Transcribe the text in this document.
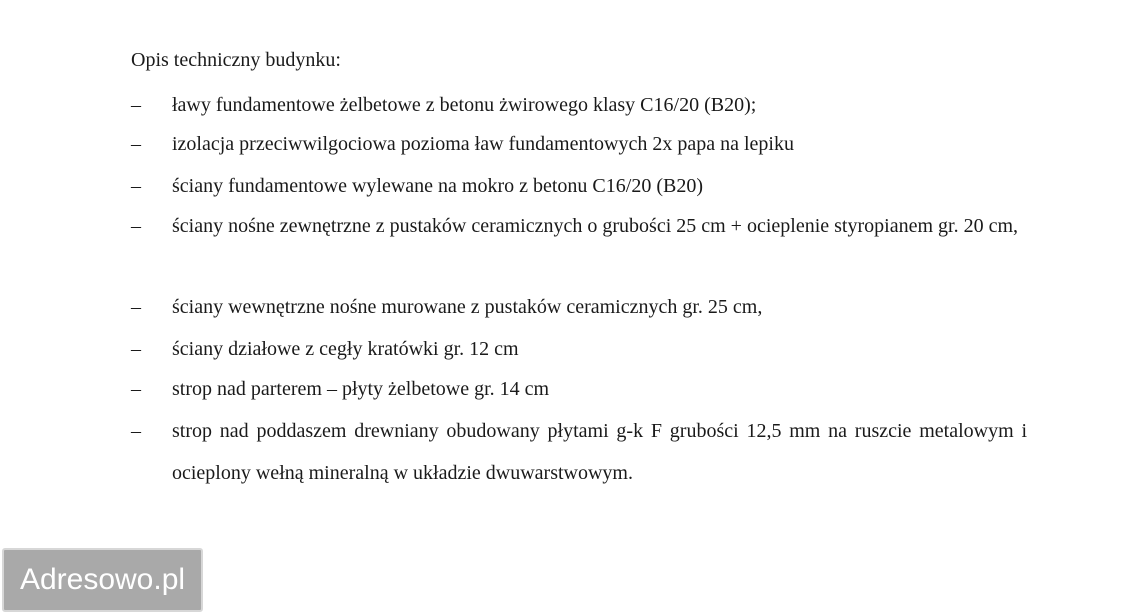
Opis techniczny budynku:
–	ławy fundamentowe żelbetowe z betonu żwirowego klasy C16/20 (B20);
–	izolacja przeciwwilgociowa pozioma ław fundamentowych 2x papa na lepiku
–	ściany fundamentowe wylewane na mokro z betonu C16/20 (B20)
–	ściany nośne zewnętrzne z pustaków ceramicznych o grubości 25 cm + ocieplenie styropianem gr. 20 cm,
–	ściany wewnętrzne nośne murowane z pustaków ceramicznych gr. 25 cm,
–	ściany działowe z cegły kratówki gr. 12 cm
–	strop nad parterem – płyty żelbetowe gr. 14 cm
–	strop nad poddaszem drewniany obudowany płytami g-k F grubości 12,5 mm na ruszcie metalowym i ocieplony wełną mineralną w układzie dwuwarstwowym.
Adresowo.pl
